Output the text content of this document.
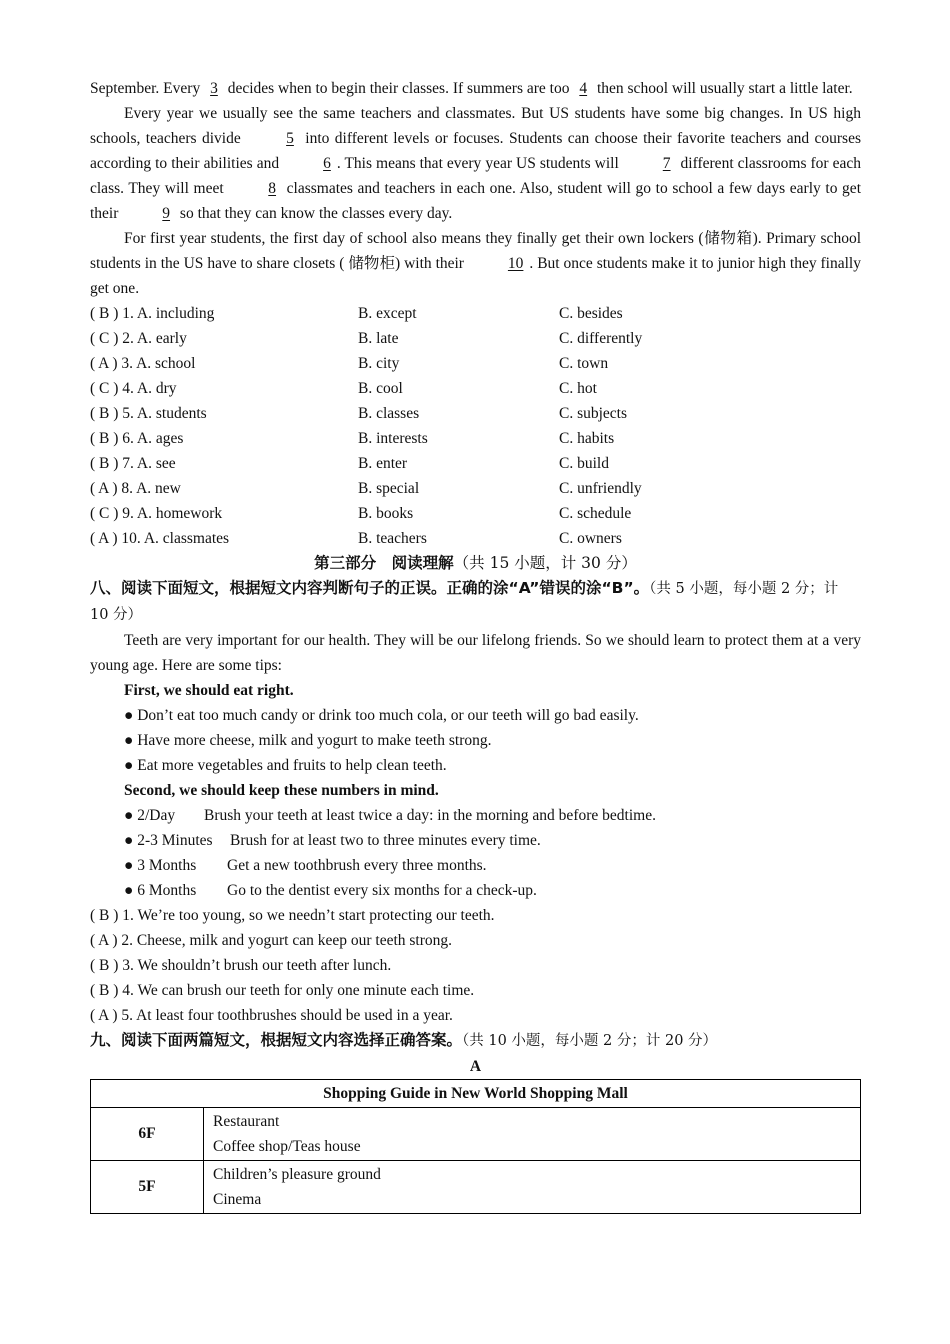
September. Every 3 decides when to begin their classes. If summers are too 4 then school will usually start a little later.

Every year we usually see the same teachers and classmates. But US students have some big changes. In US high schools, teachers divide	5 into different levels or focuses. Students can choose their favorite teachers and courses according to their abilities and	6 . This means that every year US students will	7 different classrooms for each class. They will meet	8 classmates and teachers in each one. Also, student will go to school a few days early to get their	9 so that they can know the classes every day.

For first year students, the first day of school also means they finally get their own lockers (储物箱). Primary school students in the US have to share closets ( 储物柜) with their	10 . But once students make it to junior high they finally get one.

( B ) 1. A. including	B. except	C. besides
( C ) 2. A. early	B. late	C. differently
( A ) 3. A. school	B. city	C. town
( C ) 4. A. dry	B. cool	C. hot
( B ) 5. A. students	B. classes	C. subjects
( B ) 6. A. ages	B. interests	C. habits
( B ) 7. A. see	B. enter	C. build
( A ) 8. A. new	B. special	C. unfriendly
( C ) 9. A. homework	B. books	C. schedule
( A ) 10. A. classmates	B. teachers	C. owners
第三部分　阅读理解（共 15 小题，计 30 分）

八、阅读下面短文，根据短文内容判断句子的正误。正确的涂“A”错误的涂“B”。（共 5 小题，每小题 2 分；计 10 分）

Teeth are very important for our health. They will be our lifelong friends. So we should learn to protect them at a very young age. Here are some tips:

First, we should eat right.
● Don’t eat too much candy or drink too much cola, or our teeth will go bad easily.
● Have more cheese, milk and yogurt to make teeth strong.
● Eat more vegetables and fruits to help clean teeth.
Second, we should keep these numbers in mind.
● 2/Day Brush your teeth at least twice a day: in the morning and before bedtime.
● 2-3 Minutes Brush for at least two to three minutes every time.
● 3 Months Get a new toothbrush every three months.
● 6 Months Go to the dentist every six months for a check-up.
( B ) 1. We’re too young, so we needn’t start protecting our teeth.
( A ) 2. Cheese, milk and yogurt can keep our teeth strong.
( B ) 3. We shouldn’t brush our teeth after lunch.
( B ) 4. We can brush our teeth for only one minute each time.
( A ) 5. At least four toothbrushes should be used in a year.

九、阅读下面两篇短文，根据短文内容选择正确答案。（共 10 小题，每小题 2 分；计 20 分）

A
Shopping Guide in New World Shopping Mall	
6F	Restaurant
Coffee shop/Teas house

5F	Children’s pleasure ground
Cinema
